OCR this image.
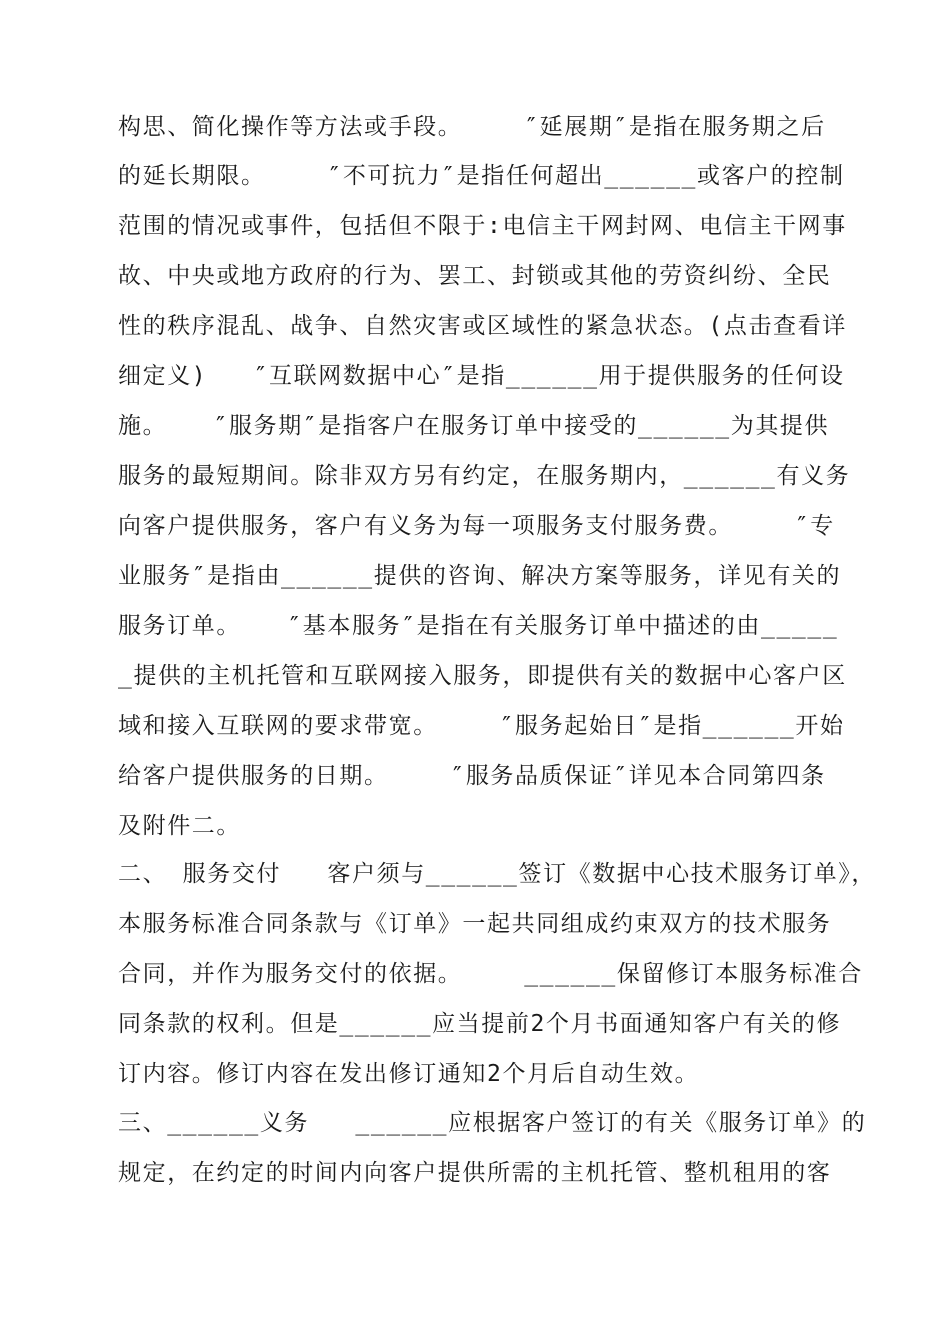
构思、简化操作等方法或手段。    ″延展期″是指在服务期之后
的延长期限。    ″不可抗力″是指任何超出______或客户的控制
范围的情况或事件，包括但不限于:电信主干网封网、电信主干网事
故、中央或地方政府的行为、罢工、封锁或其他的劳资纠纷、全民
性的秩序混乱、战争、自然灾害或区域性的紧急状态。(点击查看详
细定义)   ″互联网数据中心″是指______用于提供服务的任何设
施。   ″服务期″是指客户在服务订单中接受的______为其提供
服务的最短期间。除非双方另有约定，在服务期内，______有义务
向客户提供服务，客户有义务为每一项服务支付服务费。    ″专
业服务″是指由______提供的咨询、解决方案等服务，详见有关的
服务订单。   ″基本服务″是指在有关服务订单中描述的由_____
_提供的主机托管和互联网接入服务，即提供有关的数据中心客户区
域和接入互联网的要求带宽。    ″服务起始日″是指______开始
给客户提供服务的日期。    ″服务品质保证″详见本合同第四条
及附件二。
二、 服务交付   客户须与______签订《数据中心技术服务订单》，
本服务标准合同条款与《订单》一起共同组成约束双方的技术服务
合同，并作为服务交付的依据。    ______保留修订本服务标准合
同条款的权利。但是______应当提前2个月书面通知客户有关的修
订内容。修订内容在发出修订通知2个月后自动生效。
三、______义务   ______应根据客户签订的有关《服务订单》的
规定，在约定的时间内向客户提供所需的主机托管、整机租用的客
